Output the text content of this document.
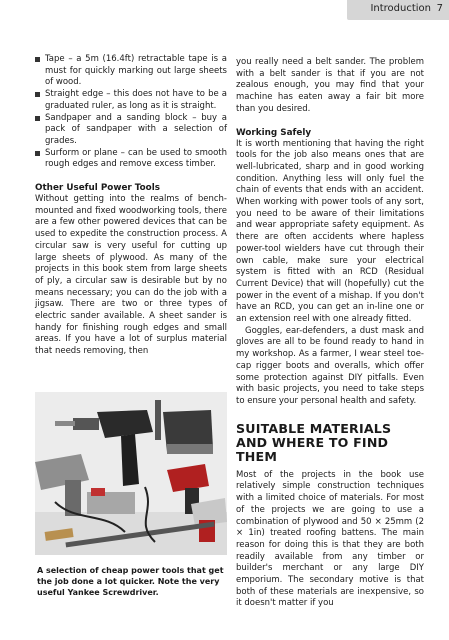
Introduction 7
Tape – a 5m (16.4ft) retractable tape is a must for quickly marking out large sheets of wood.
Straight edge – this does not have to be a graduated ruler, as long as it is straight.
Sandpaper and a sanding block – buy a pack of sandpaper with a selection of grades.
Surform or plane – can be used to smooth rough edges and remove excess timber.
Other Useful Power Tools

Without getting into the realms of bench-mounted and fixed woodworking tools, there are a few other powered devices that can be used to expedite the construction process. A circular saw is very useful for cutting up large sheets of plywood. As many of the projects in this book stem from large sheets of ply, a circular saw is desirable but by no means necessary; you can do the job with a jigsaw. There are two or three types of electric sander available. A sheet sander is handy for finishing rough edges and small areas. If you have a lot of surplus material that needs removing, then

A selection of cheap power tools that get the job done a lot quicker. Note the very useful Yankee Screwdriver.

you really need a belt sander. The problem with a belt sander is that if you are not zealous enough, you may find that your machine has eaten away a fair bit more than you desired.

Working Safely

It is worth mentioning that having the right tools for the job also means ones that are well-lubricated, sharp and in good working condition. Anything less will only fuel the chain of events that ends with an accident. When working with power tools of any sort, you need to be aware of their limitations and wear appropriate safety equipment. As there are often accidents where hapless power-tool wielders have cut through their own cable, make sure your electrical system is fitted with an RCD (Residual Current Device) that will (hopefully) cut the power in the event of a mishap. If you don't have an RCD, you can get an in-line one or an extension reel with one already fitted.

Goggles, ear-defenders, a dust mask and gloves are all to be found ready to hand in my workshop. As a farmer, I wear steel toe-cap rigger boots and overalls, which offer some protection against DIY pitfalls. Even with basic projects, you need to take steps to ensure your personal health and safety.

SUITABLE MATERIALS AND WHERE TO FIND THEM

Most of the projects in the book use relatively simple construction techniques with a limited choice of materials. For most of the projects we are going to use a combination of plywood and 50 × 25mm (2 × 1in) treated roofing battens. The main reason for doing this is that they are both readily available from any timber or builder's merchant or any large DIY emporium. The secondary motive is that both of these materials are inexpensive, so it doesn't matter if you
